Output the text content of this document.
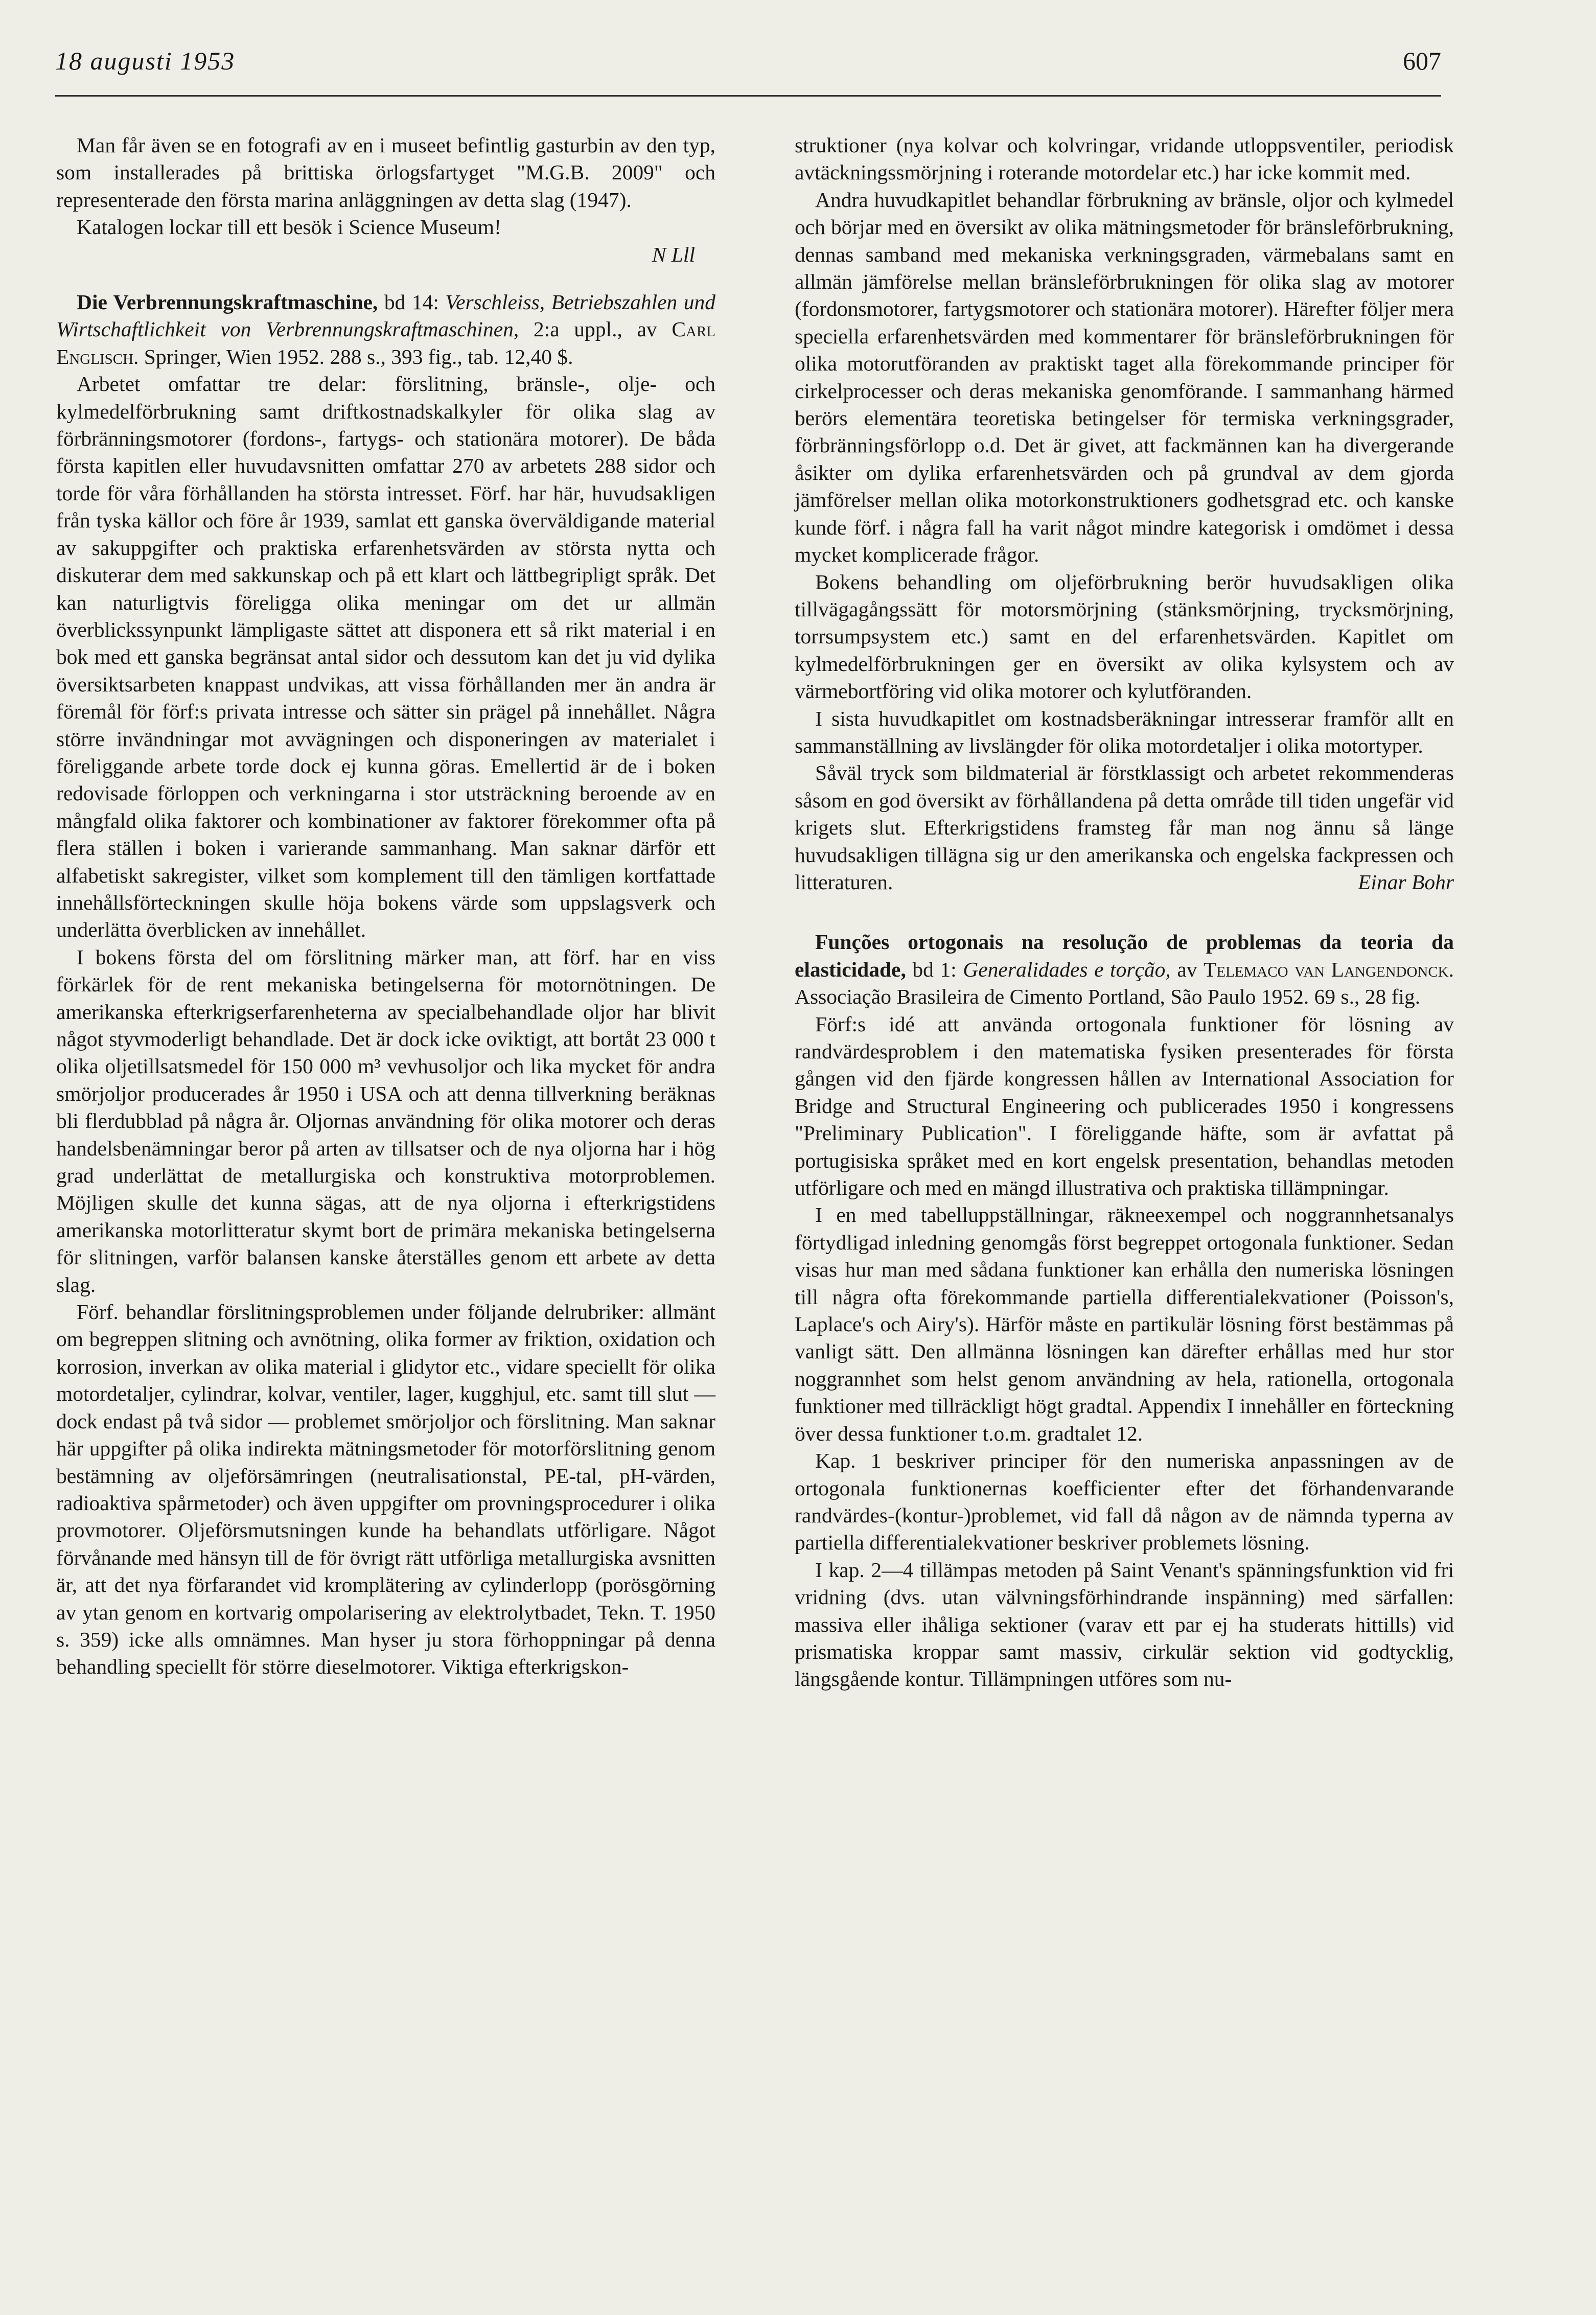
18 augusti 1953	607

Man får även se en fotografi av en i museet befintlig gasturbin av den typ, som installerades på brittiska örlogsfartyget "M.G.B. 2009" och representerade den första marina anläggningen av detta slag (1947).

Katalogen lockar till ett besök i Science Museum!

N Lll

Die Verbrennungskraftmaschine, bd 14: Verschleiss, Betriebszahlen und Wirtschaftlichkeit von Verbrennungskraftmaschinen, 2:a uppl., av Carl Englisch. Springer, Wien 1952. 288 s., 393 fig., tab. 12,40 $.

Arbetet omfattar tre delar: förslitning, bränsle-, olje- och kylmedelförbrukning samt driftkostnadskalkyler för olika slag av förbränningsmotorer (fordons-, fartygs- och stationära motorer). De båda första kapitlen eller huvudavsnitten omfattar 270 av arbetets 288 sidor och torde för våra förhållanden ha största intresset. Förf. har här, huvudsakligen från tyska källor och före år 1939, samlat ett ganska överväldigande material av sakuppgifter och praktiska erfarenhetsvärden av största nytta och diskuterar dem med sakkunskap och på ett klart och lättbegripligt språk. Det kan naturligtvis föreligga olika meningar om det ur allmän överblickssynpunkt lämpligaste sättet att disponera ett så rikt material i en bok med ett ganska begränsat antal sidor och dessutom kan det ju vid dylika översiktsarbeten knappast undvikas, att vissa förhållanden mer än andra är föremål för förf:s privata intresse och sätter sin prägel på innehållet. Några större invändningar mot avvägningen och disponeringen av materialet i föreliggande arbete torde dock ej kunna göras. Emellertid är de i boken redovisade förloppen och verkningarna i stor utsträckning beroende av en mångfald olika faktorer och kombinationer av faktorer förekommer ofta på flera ställen i boken i varierande sammanhang. Man saknar därför ett alfabetiskt sakregister, vilket som komplement till den tämligen kortfattade innehållsförteckningen skulle höja bokens värde som uppslagsverk och underlätta överblicken av innehållet.

I bokens första del om förslitning märker man, att förf. har en viss förkärlek för de rent mekaniska betingelserna för motornötningen. De amerikanska efterkrigserfarenheterna av specialbehandlade oljor har blivit något styvmoderligt behandlade. Det är dock icke oviktigt, att bortåt 23 000 t olika oljetillsatsmedel för 150 000 m³ vevhusoljor och lika mycket för andra smörjoljor producerades år 1950 i USA och att denna tillverkning beräknas bli flerdubblad på några år. Oljornas användning för olika motorer och deras handelsbenämningar beror på arten av tillsatser och de nya oljorna har i hög grad underlättat de metallurgiska och konstruktiva motorproblemen. Möjligen skulle det kunna sägas, att de nya oljorna i efterkrigstidens amerikanska motorlitteratur skymt bort de primära mekaniska betingelserna för slitningen, varför balansen kanske återställes genom ett arbete av detta slag.

Förf. behandlar förslitningsproblemen under följande delrubriker: allmänt om begreppen slitning och avnötning, olika former av friktion, oxidation och korrosion, inverkan av olika material i glidytor etc., vidare speciellt för olika motordetaljer, cylindrar, kolvar, ventiler, lager, kugghjul, etc. samt till slut — dock endast på två sidor — problemet smörjoljor och förslitning. Man saknar här uppgifter på olika indirekta mätningsmetoder för motorförslitning genom bestämning av oljeförsämringen (neutralisationstal, PE-tal, pH-värden, radioaktiva spårmetoder) och även uppgifter om provningsprocedurer i olika provmotorer. Oljeförsmutsningen kunde ha behandlats utförligare. Något förvånande med hänsyn till de för övrigt rätt utförliga metallurgiska avsnitten är, att det nya förfarandet vid kromplätering av cylinderlopp (porösgörning av ytan genom en kortvarig ompolarisering av elektrolytbadet, Tekn. T. 1950 s. 359) icke alls omnämnes. Man hyser ju stora förhoppningar på denna behandling speciellt för större dieselmotorer. Viktiga efterkrigskon-

struktioner (nya kolvar och kolvringar, vridande utloppsventiler, periodisk avtäckningssmörjning i roterande motordelar etc.) har icke kommit med.

Andra huvudkapitlet behandlar förbrukning av bränsle, oljor och kylmedel och börjar med en översikt av olika mätningsmetoder för bränsleförbrukning, dennas samband med mekaniska verkningsgraden, värmebalans samt en allmän jämförelse mellan bränsleförbrukningen för olika slag av motorer (fordonsmotorer, fartygsmotorer och stationära motorer). Härefter följer mera speciella erfarenhetsvärden med kommentarer för bränsleförbrukningen för olika motorutföranden av praktiskt taget alla förekommande principer för cirkelprocesser och deras mekaniska genomförande. I sammanhang härmed berörs elementära teoretiska betingelser för termiska verkningsgrader, förbränningsförlopp o.d. Det är givet, att fackmännen kan ha divergerande åsikter om dylika erfarenhetsvärden och på grundval av dem gjorda jämförelser mellan olika motorkonstruktioners godhetsgrad etc. och kanske kunde förf. i några fall ha varit något mindre kategorisk i omdömet i dessa mycket komplicerade frågor.

Bokens behandling om oljeförbrukning berör huvudsakligen olika tillvägagångssätt för motorsmörjning (stänksmörjning, trycksmörjning, torrsumpsystem etc.) samt en del erfarenhetsvärden. Kapitlet om kylmedelförbrukningen ger en översikt av olika kylsystem och av värmebortföring vid olika motorer och kylutföranden.

I sista huvudkapitlet om kostnadsberäkningar intresserar framför allt en sammanställning av livslängder för olika motordetaljer i olika motortyper.

Såväl tryck som bildmaterial är förstklassigt och arbetet rekommenderas såsom en god översikt av förhållandena på detta område till tiden ungefär vid krigets slut. Efterkrigstidens framsteg får man nog ännu så länge huvudsakligen tillägna sig ur den amerikanska och engelska fackpressen och litteraturen.	Einar Bohr

Funções ortogonais na resolução de problemas da teoria da elasticidade, bd 1: Generalidades e torção, av Telemaco van Langendonck. Associação Brasileira de Cimento Portland, São Paulo 1952. 69 s., 28 fig.

Förf:s idé att använda ortogonala funktioner för lösning av randvärdesproblem i den matematiska fysiken presenterades för första gången vid den fjärde kongressen hållen av International Association for Bridge and Structural Engineering och publicerades 1950 i kongressens "Preliminary Publication". I föreliggande häfte, som är avfattat på portugisiska språket med en kort engelsk presentation, behandlas metoden utförligare och med en mängd illustrativa och praktiska tillämpningar.

I en med tabelluppställningar, räkneexempel och noggrannhetsanalys förtydligad inledning genomgås först begreppet ortogonala funktioner. Sedan visas hur man med sådana funktioner kan erhålla den numeriska lösningen till några ofta förekommande partiella differentialekvationer (Poisson's, Laplace's och Airy's). Härför måste en partikulär lösning först bestämmas på vanligt sätt. Den allmänna lösningen kan därefter erhållas med hur stor noggrannhet som helst genom användning av hela, rationella, ortogonala funktioner med tillräckligt högt gradtal. Appendix I innehåller en förteckning över dessa funktioner t.o.m. gradtalet 12.

Kap. 1 beskriver principer för den numeriska anpassningen av de ortogonala funktionernas koefficienter efter det förhandenvarande randvärdes-(kontur-)problemet, vid fall då någon av de nämnda typerna av partiella differentialekvationer beskriver problemets lösning.

I kap. 2—4 tillämpas metoden på Saint Venant's spänningsfunktion vid fri vridning (dvs. utan välvningsförhindrande inspänning) med särfallen: massiva eller ihåliga sektioner (varav ett par ej ha studerats hittills) vid prismatiska kroppar samt massiv, cirkulär sektion vid godtycklig, längsgående kontur. Tillämpningen utföres som nu-
